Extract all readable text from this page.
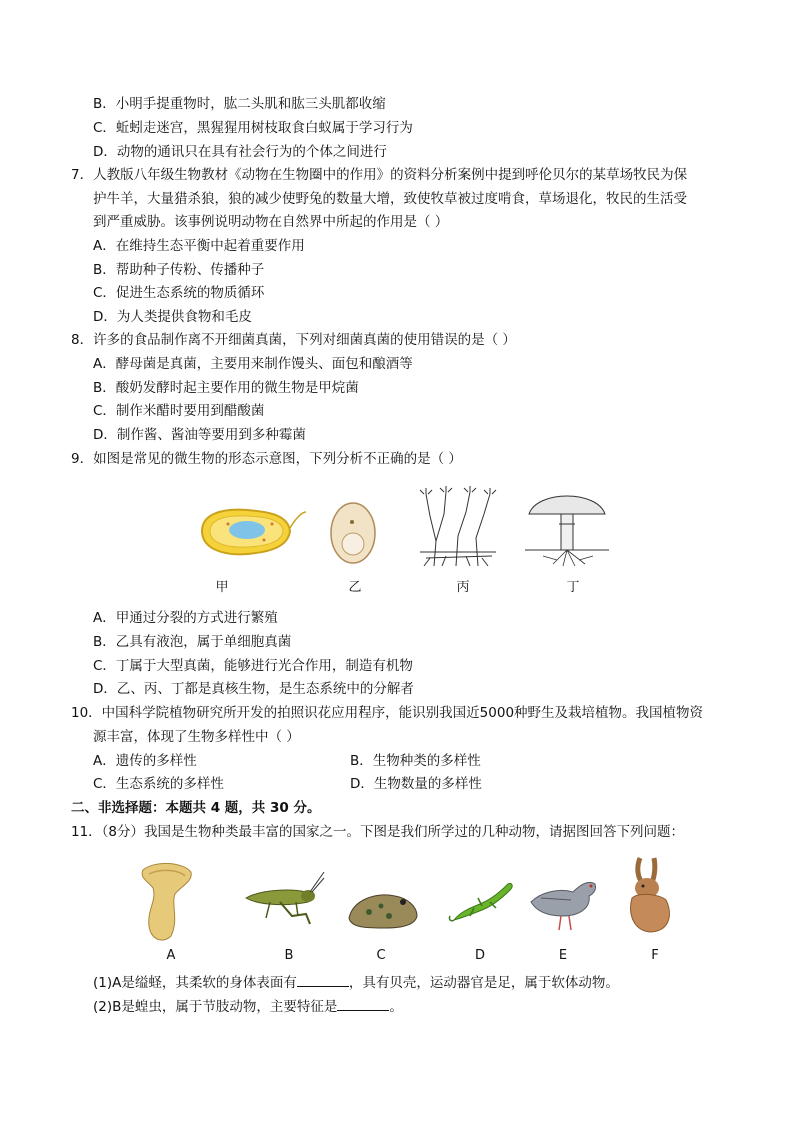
B．小明手提重物时，肱二头肌和肱三头肌都收缩
C．蚯蚓走迷宫，黑猩猩用树枝取食白蚁属于学习行为
D．动物的通讯只在具有社会行为的个体之间进行
7．人教版八年级生物教材《动物在生物圈中的作用》的资料分析案例中提到呼伦贝尔的某草场牧民为保
护牛羊，大量猎杀狼，狼的减少使野兔的数量大增，致使牧草被过度啃食，草场退化，牧民的生活受
到严重威胁。该事例说明动物在自然界中所起的作用是（ ）
A．在维持生态平衡中起着重要作用
B．帮助种子传粉、传播种子
C．促进生态系统的物质循环
D．为人类提供食物和毛皮
8．许多的食品制作离不开细菌真菌，下列对细菌真菌的使用错误的是（ ）
A．酵母菌是真菌，主要用来制作馒头、面包和酿酒等
B．酸奶发酵时起主要作用的微生物是甲烷菌
C．制作米醋时要用到醋酸菌
D．制作酱、酱油等要用到多种霉菌
9．如图是常见的微生物的形态示意图，下列分析不正确的是（ ）
甲	乙	丙	丁
A．甲通过分裂的方式进行繁殖
B．乙具有液泡，属于单细胞真菌
C．丁属于大型真菌，能够进行光合作用，制造有机物
D．乙、丙、丁都是真核生物，是生态系统中的分解者
10．中国科学院植物研究所开发的拍照识花应用程序，能识别我国近5000种野生及栽培植物。我国植物资
源丰富，体现了生物多样性中（ ）
A．遗传的多样性	B．生物种类的多样性
C．生态系统的多样性	D．生物数量的多样性
二、非选择题：本题共 4 题，共 30 分。
11．（8分）我国是生物种类最丰富的国家之一。下图是我们所学过的几种动物，请据图回答下列问题：
A	B	C	D	E	F
(1)A是缢蛏，其柔软的身体表面有	，具有贝壳，运动器官是足，属于软体动物。
(2)B是蝗虫，属于节肢动物，主要特征是	。
